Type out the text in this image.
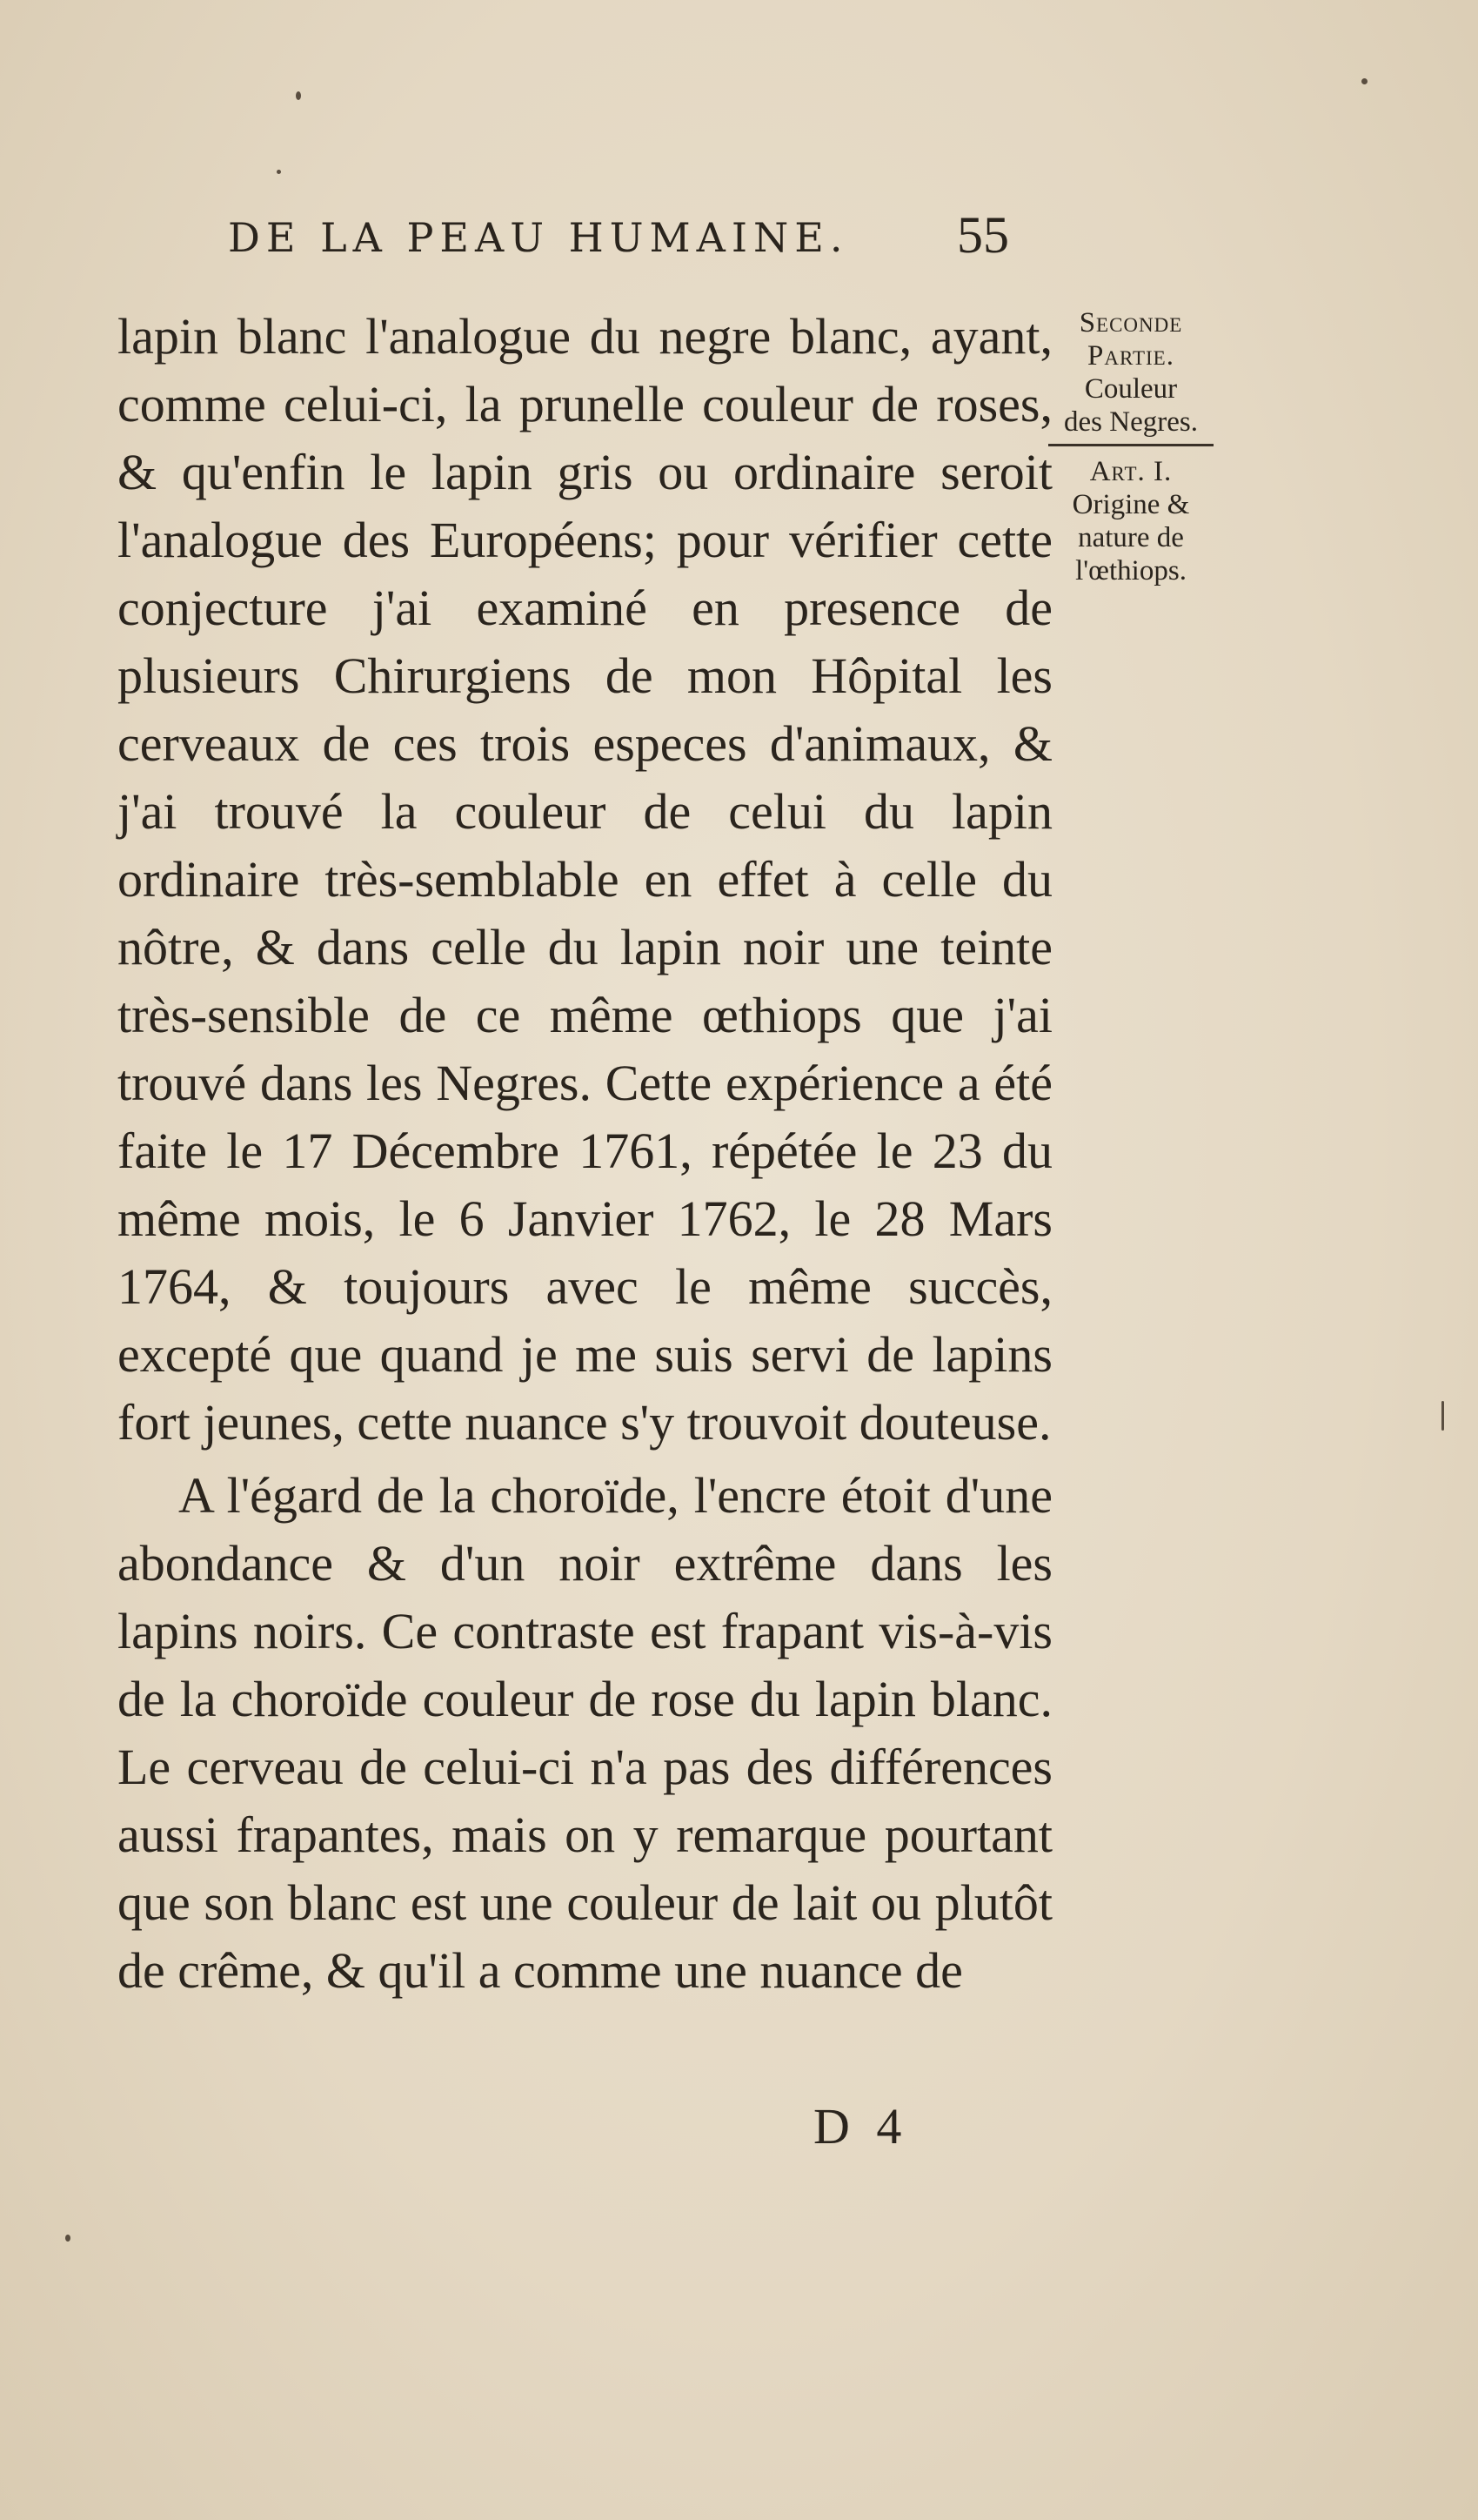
DE LA PEAU HUMAINE.	55
Seconde
Partie.
Couleur
des Negres.
Art. I.
Origine &
nature de
l'œthiops.

lapin blanc l'analogue du negre blanc, ayant, comme celui-ci, la prunelle couleur de roses, & qu'enfin le lapin gris ou ordinaire seroit l'analogue des Européens; pour vérifier cette conjecture j'ai examiné en presence de plusieurs Chirurgiens de mon Hôpital les cerveaux de ces trois especes d'animaux, & j'ai trouvé la couleur de celui du lapin ordinaire très-semblable en effet à celle du nôtre, & dans celle du lapin noir une teinte très-sensible de ce même œthiops que j'ai trouvé dans les Negres. Cette expérience a été faite le 17 Décembre 1761, répétée le 23 du même mois, le 6 Janvier 1762, le 28 Mars 1764, & toujours avec le même succès, excepté que quand je me suis servi de lapins fort jeunes, cette nuance s'y trouvoit douteuse.

A l'égard de la choroïde, l'encre étoit d'une abondance & d'un noir extrême dans les lapins noirs. Ce contraste est frapant vis-à-vis de la choroïde couleur de rose du lapin blanc. Le cerveau de celui-ci n'a pas des différences aussi frapantes, mais on y remarque pourtant que son blanc est une couleur de lait ou plutôt de crême, & qu'il a comme une nuance de

D 4
